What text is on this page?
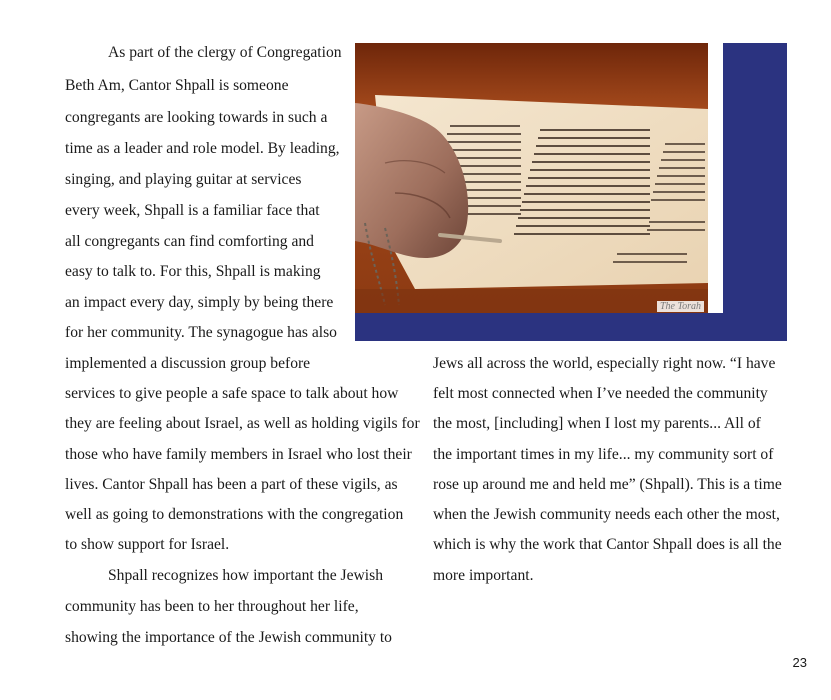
As part of the clergy of Congregation
Beth Am, Cantor Shpall is someone
congregants are looking towards in such a
time as a leader and role model. By leading,
singing, and playing guitar at services
every week, Shpall is a familiar face that
all congregants can find comforting and
easy to talk to. For this, Shpall is making
an impact every day, simply by being there
for her community. The synagogue has also
implemented a discussion group before
services to give people a safe space to talk about how
they are feeling about Israel, as well as holding vigils for
those who have family members in Israel who lost their
lives. Cantor Shpall has been a part of these vigils, as
well as going to demonstrations with the congregation
to show support for Israel.
Shpall recognizes how important the Jewish
community has been to her throughout her life,
showing the importance of the Jewish community to
The Torah
Jews all across the world, especially right now. “I have
felt most connected when I’ve needed the community
the most, [including] when I lost my parents... All of
the important times in my life... my community sort of
rose up around me and held me” (Shpall). This is a time
when the Jewish community needs each other the most,
which is why the work that Cantor Shpall does is all the
more important.
23
